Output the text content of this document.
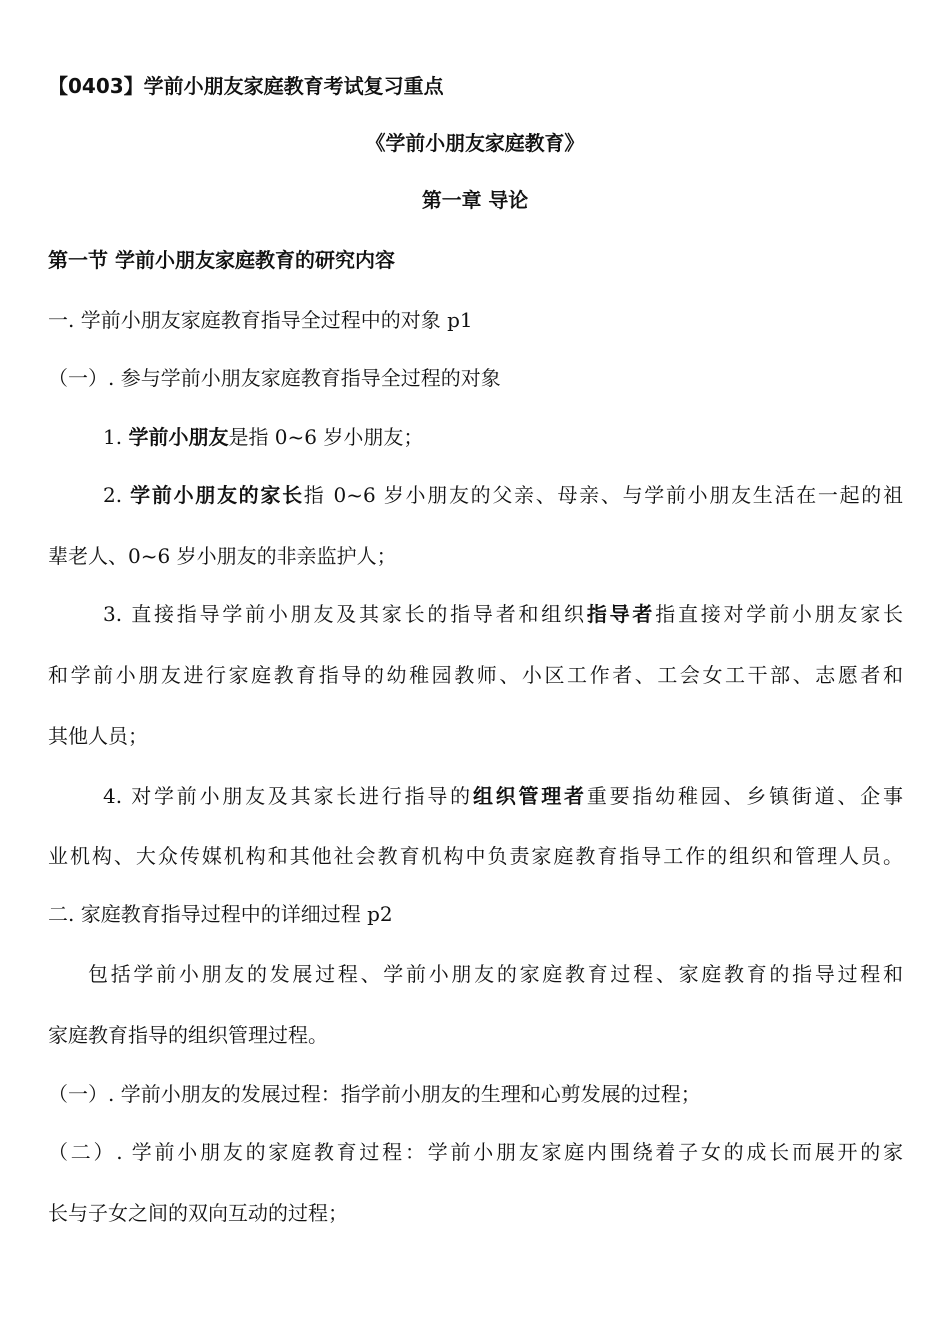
【0403】学前小朋友家庭教育考试复习重点
《学前小朋友家庭教育》
第一章 导论
第一节 学前小朋友家庭教育的研究内容
一. 学前小朋友家庭教育指导全过程中的对象 p1
（一）. 参与学前小朋友家庭教育指导全过程的对象
1. 学前小朋友是指 0~6 岁小朋友；
2. 学前小朋友的家长指 0~6 岁小朋友的父亲、母亲、与学前小朋友生活在一起的祖
辈老人、0~6 岁小朋友的非亲监护人；
3. 直接指导学前小朋友及其家长的指导者和组织指导者指直接对学前小朋友家长
和学前小朋友进行家庭教育指导的幼稚园教师、小区工作者、工会女工干部、志愿者和
其他人员；
4. 对学前小朋友及其家长进行指导的组织管理者重要指幼稚园、乡镇街道、企事
业机构、大众传媒机构和其他社会教育机构中负责家庭教育指导工作的组织和管理人员。
二. 家庭教育指导过程中的详细过程 p2
包括学前小朋友的发展过程、学前小朋友的家庭教育过程、家庭教育的指导过程和
家庭教育指导的组织管理过程。
（一）. 学前小朋友的发展过程：指学前小朋友的生理和心剪发展的过程；
（二）. 学前小朋友的家庭教育过程：学前小朋友家庭内围绕着子女的成长而展开的家
长与子女之间的双向互动的过程；
